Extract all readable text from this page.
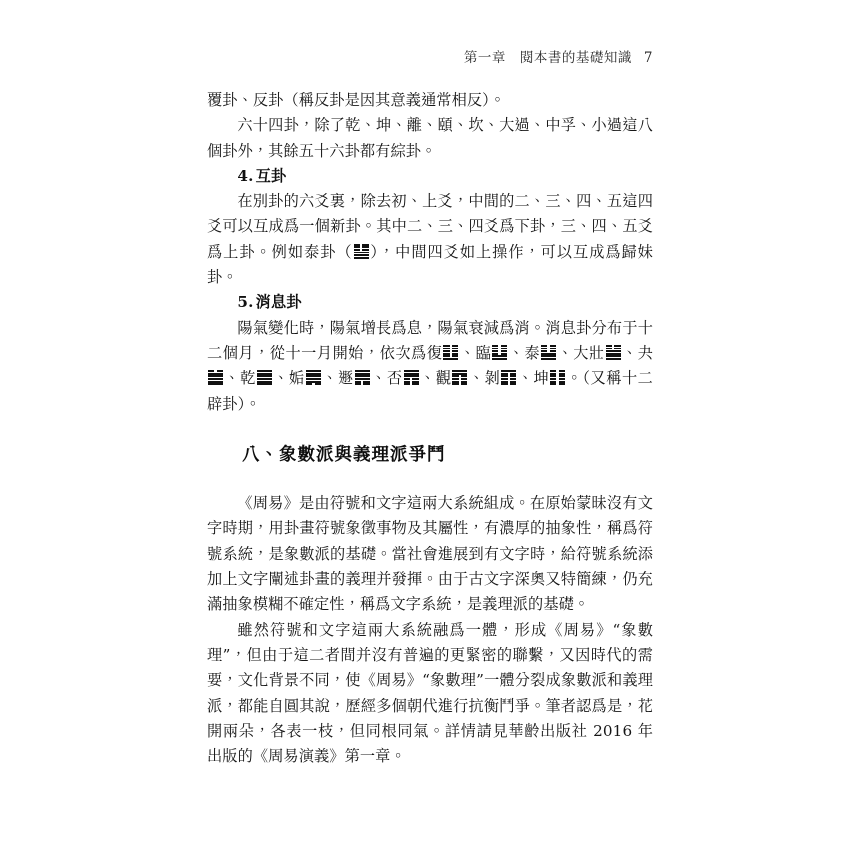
第一章 閱本書的基礎知識 7

覆卦、反卦（稱反卦是因其意義通常相反）。

六十四卦，除了乾、坤、離、頤、坎、大過、中孚、小過這八個卦外，其餘五十六卦都有綜卦。

4. 互卦

在別卦的六爻裏，除去初、上爻，中間的二、三、四、五這四爻可以互成爲一個新卦。其中二、三、四爻爲下卦，三、四、五爻爲上卦。例如泰卦（ ），中間四爻如上操作，可以互成爲歸妹卦。

5. 消息卦

陽氣變化時，陽氣增長爲息，陽氣衰減爲消。消息卦分布于十二個月，從十一月開始，依次爲復 、臨 、泰 、大壯 、夬
、乾 、姤 、遯 、否 、觀 、剝 、坤 。（又稱十二辟卦）。

八、象數派與義理派爭鬥

《周易》是由符號和文字這兩大系統組成。在原始蒙昧沒有文字時期，用卦畫符號象徵事物及其屬性，有濃厚的抽象性，稱爲符號系統，是象數派的基礎。當社會進展到有文字時，給符號系統添加上文字闡述卦畫的義理并發揮。由于古文字深奧又特簡練，仍充滿抽象模糊不確定性，稱爲文字系統，是義理派的基礎。

雖然符號和文字這兩大系統融爲一體，形成《周易》“象數理”，但由于這二者間并沒有普遍的更緊密的聯繫，又因時代的需要，文化背景不同，使《周易》“象數理”一體分裂成象數派和義理派，都能自圓其說，歷經多個朝代進行抗衡鬥爭。筆者認爲是，花開兩朵，各表一枝，但同根同氣。詳情請見華齡出版社 2016 年出版的《周易演義》第一章。
